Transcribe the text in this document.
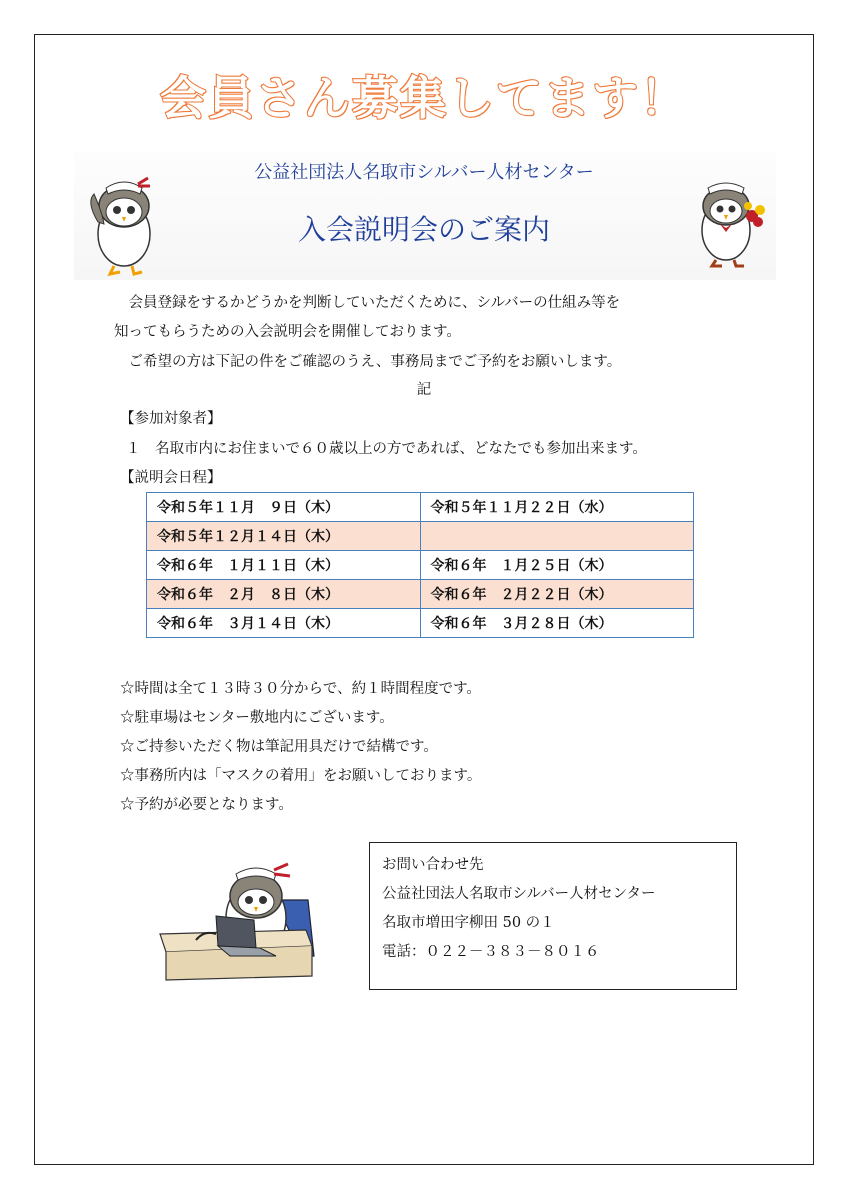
会員さん募集してます！
公益社団法人名取市シルバー人材センター
入会説明会のご案内
　会員登録をするかどうかを判断していただくために、シルバーの仕組み等を
知ってもらうための入会説明会を開催しております。
　ご希望の方は下記の件をご確認のうえ、事務局までご予約をお願いします。
記
【参加対象者】
１　名取市内にお住まいで６０歳以上の方であれば、どなたでも参加出来ます。
【説明会日程】
令和５年１１月　９日（木）	令和５年１１月２２日（水）
令和５年１２月１４日（木）	
令和６年　１月１１日（木）	令和６年　１月２５日（木）
令和６年　２月　８日（木）	令和６年　２月２２日（木）
令和６年　３月１４日（木）	令和６年　３月２８日（木）
☆時間は全て１３時３０分からで、約１時間程度です。
☆駐車場はセンター敷地内にございます。
☆ご持参いただく物は筆記用具だけで結構です。
☆事務所内は「マスクの着用」をお願いしております。
☆予約が必要となります。
お問い合わせ先
公益社団法人名取市シルバー人材センター
名取市増田字柳田 50 の１
電話：０２２－３８３－８０１６
